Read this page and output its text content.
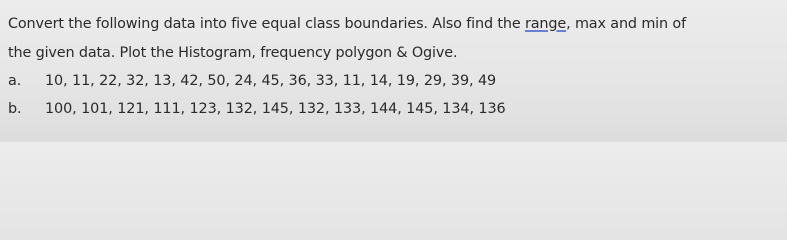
Convert the following data into five equal class boundaries. Also find the range, max and min of
the given data. Plot the Histogram, frequency polygon & Ogive.
a. 10, 11, 22, 32, 13, 42, 50, 24, 45, 36, 33, 11, 14, 19, 29, 39, 49
b. 100, 101, 121, 111, 123, 132, 145, 132, 133, 144, 145, 134, 136
